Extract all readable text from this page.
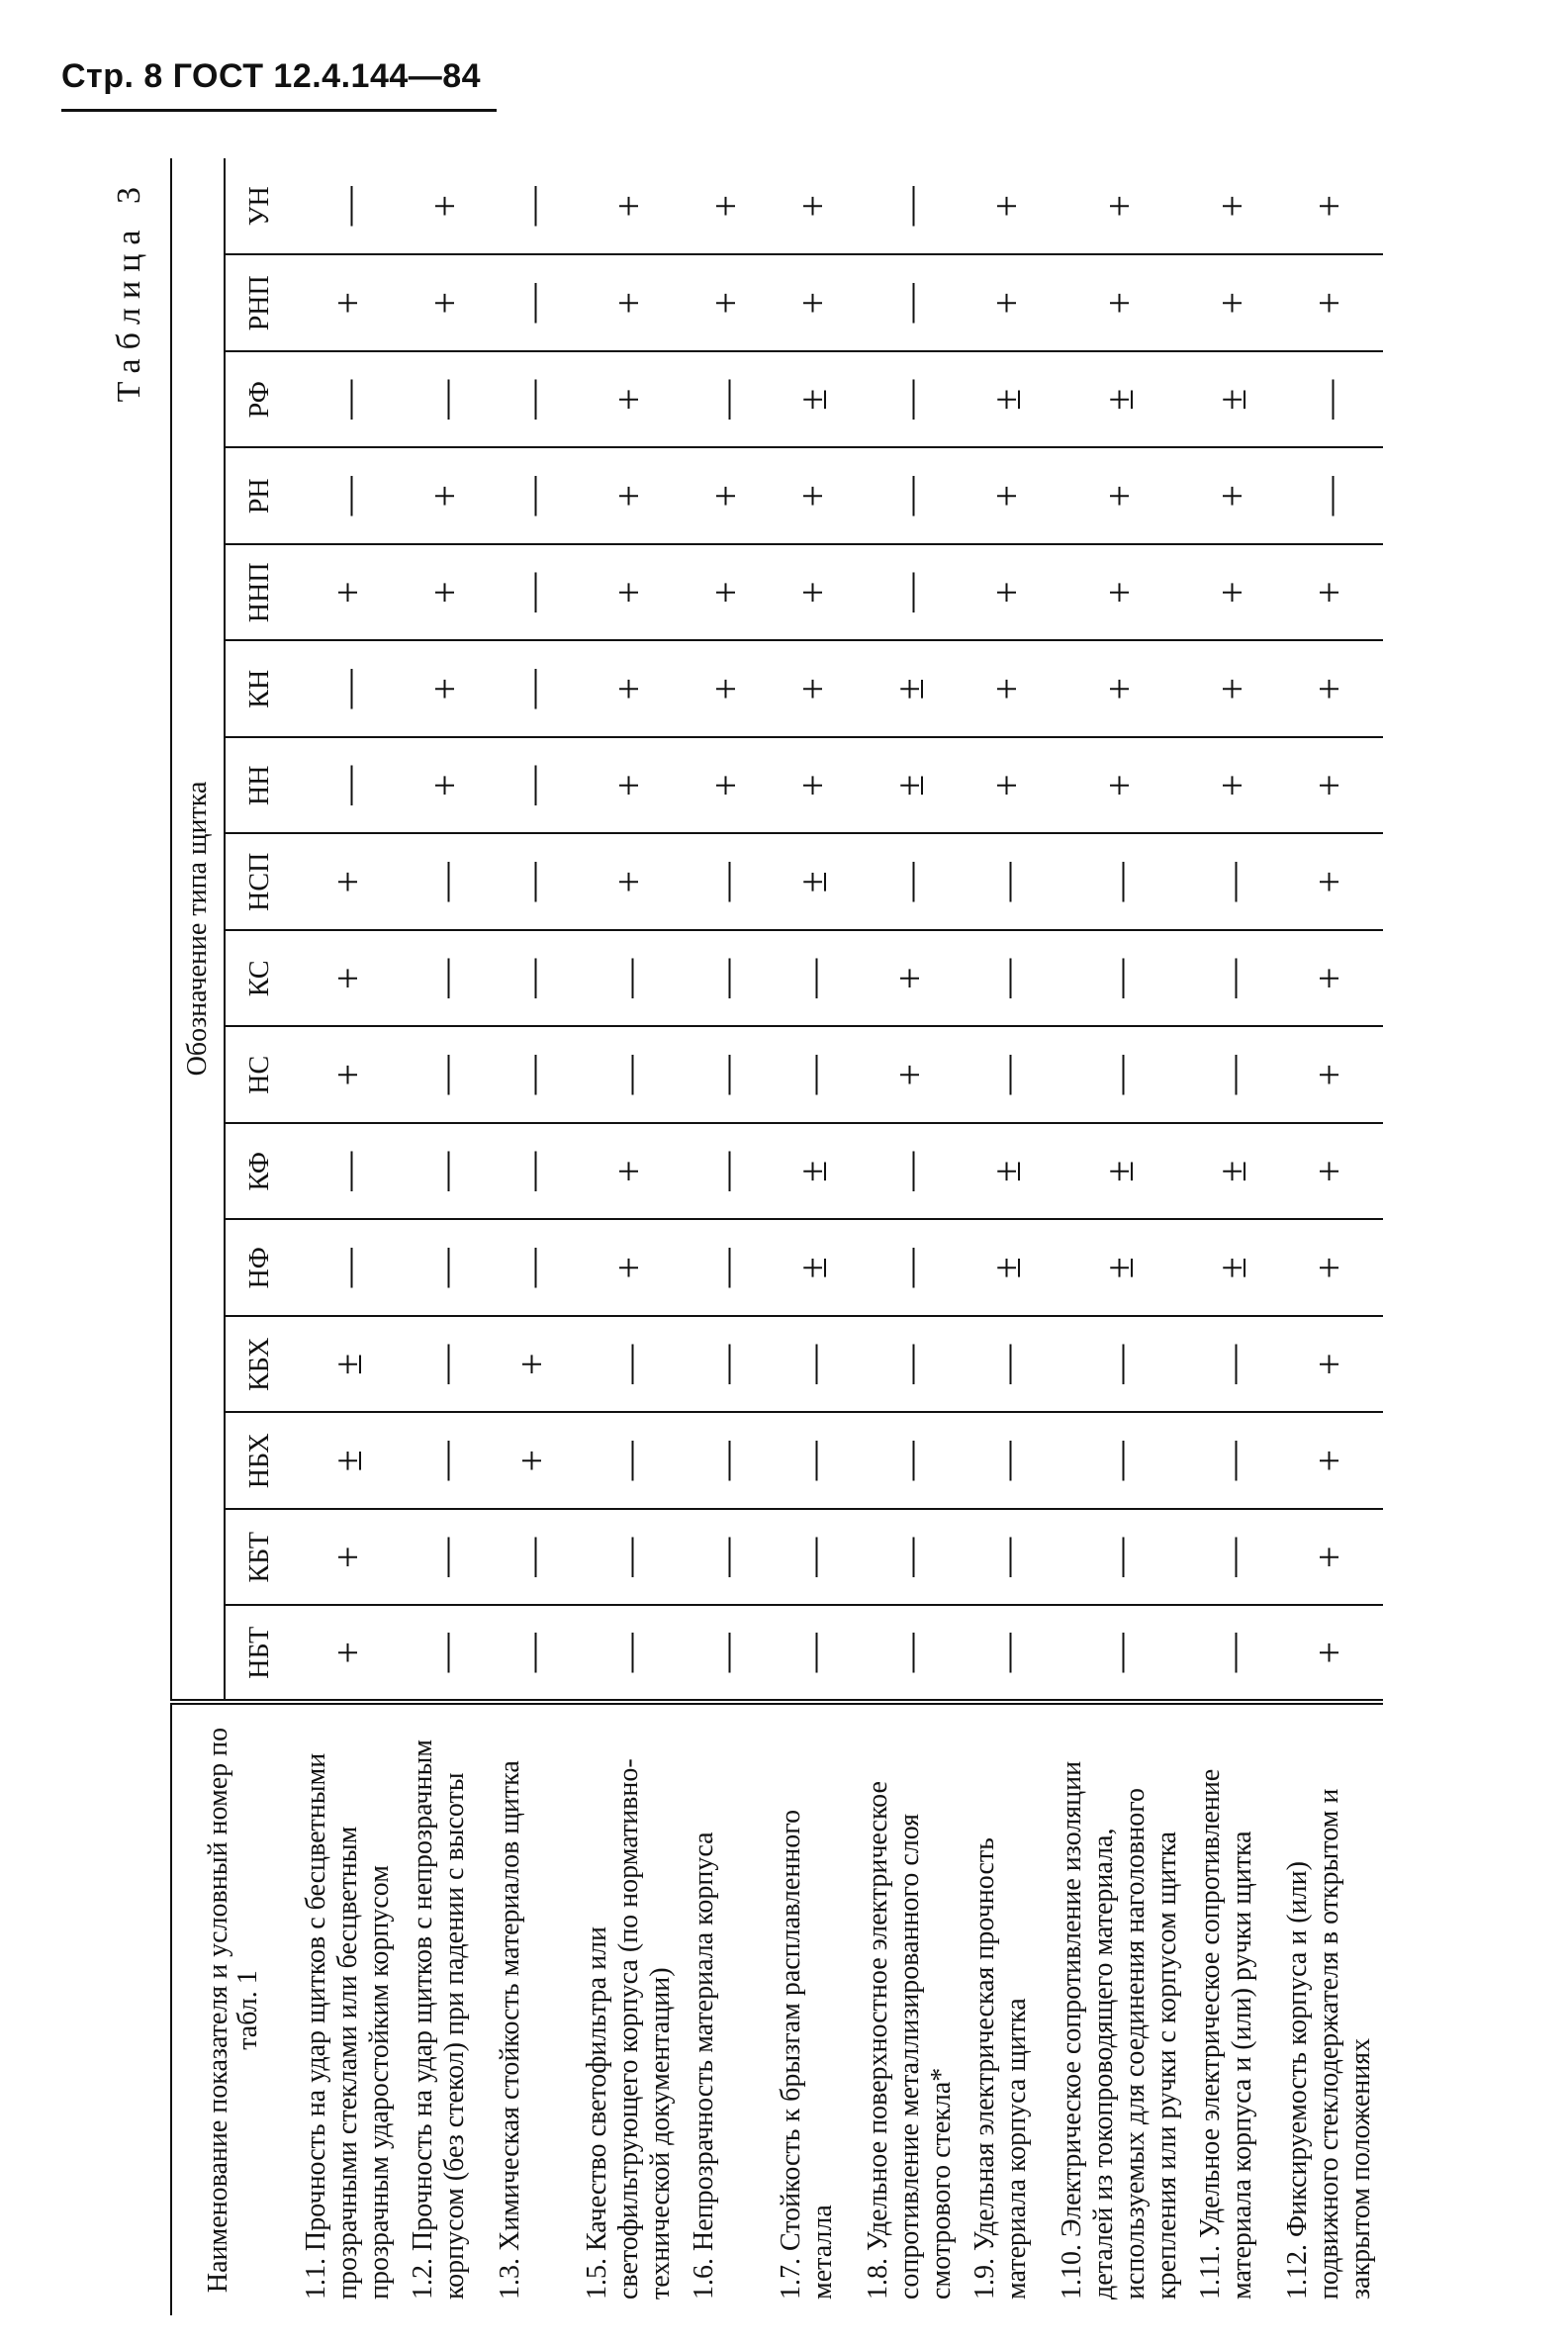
Стр. 8 ГОСТ 12.4.144—84
Таблица 3
Наименование показателя и условный номер по табл. 1	Обозначение типа щитка															
	НБТ	КБТ	НБХ	КБХ	НФ	КФ	НС	КС	НСП	НН	КН	ННП	РН	РФ	РНП	УН
1.1. Прочность на удар щитков с бесцветными прозрачными стеклами или бесцветным прозрачным ударостойким корпусом	+	+	±	±	—	—	+	+	+	—	—	+	—	—	+	—
1.2. Прочность на удар щитков с непрозрачным корпусом (без стекол) при падении с высоты	—	—	—	—	—	—	—	—	—	+	+	+	+	—	+	+
1.3. Химическая стойкость материалов щитка	—	—	+	+	—	—	—	—	—	—	—	—	—	—	—	—
1.5. Качество светофильтра или светофильтрующего корпуса (по нормативно-технической документации)	—	—	—	—	+	+	—	—	+	+	+	+	+	+	+	+
1.6. Непрозрачность материала корпуса	—	—	—	—	—	—	—	—	—	+	+	+	+	—	+	+
1.7. Стойкость к брызгам расплавленного металла	—	—	—	—	±	±	—	—	±	+	+	+	+	±	+	+
1.8. Удельное поверхностное электрическое сопротивление металлизированного слоя смотрового стекла*	—	—	—	—	—	—	+	+	—	±	±	—	—	—	—	—
1.9. Удельная электрическая прочность материала корпуса щитка	—	—	—	—	±	±	—	—	—	+	+	+	+	±	+	+
1.10. Электрическое сопротивление изоляции деталей из токопроводящего материала, используемых для соединения наголовного крепления или ручки с корпусом щитка	—	—	—	—	±	±	—	—	—	+	+	+	+	±	+	+
1.11. Удельное электрическое сопротивление материала корпуса и (или) ручки щитка	—	—	—	—	±	±	—	—	—	+	+	+	+	±	+	+
1.12. Фиксируемость корпуса и (или) подвижного стеклодержателя в открытом и закрытом положениях	+	+	+	+	+	+	+	+	+	+	+	+	—	—	+	+
